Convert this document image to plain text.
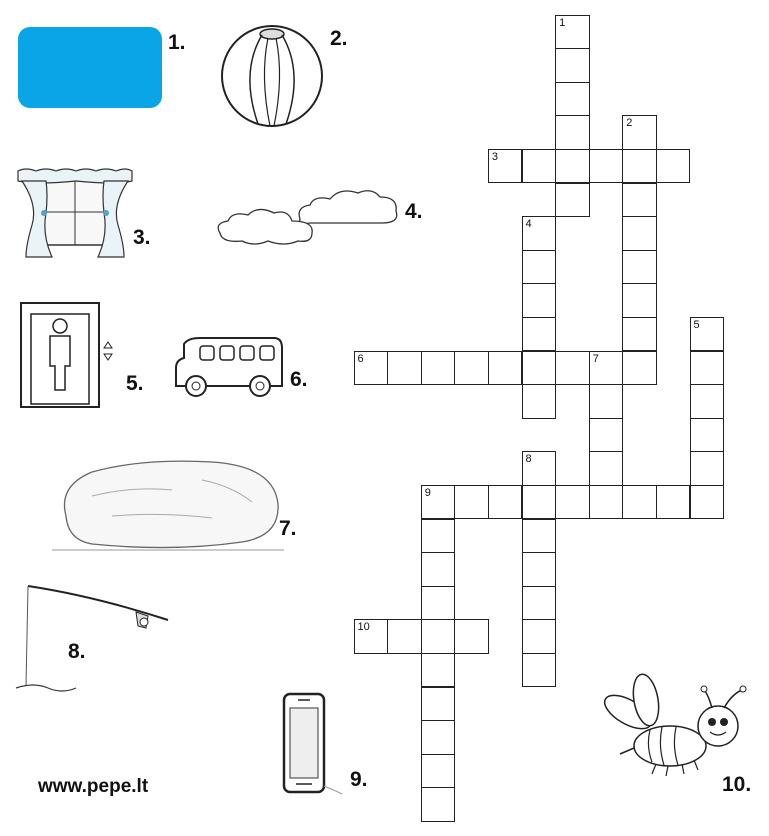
1.	2.
3.
4.
5.	6.
7.
8.
9.	10.
www.pepe.lt
1
2
3
4
5
6	7
8
9
10
